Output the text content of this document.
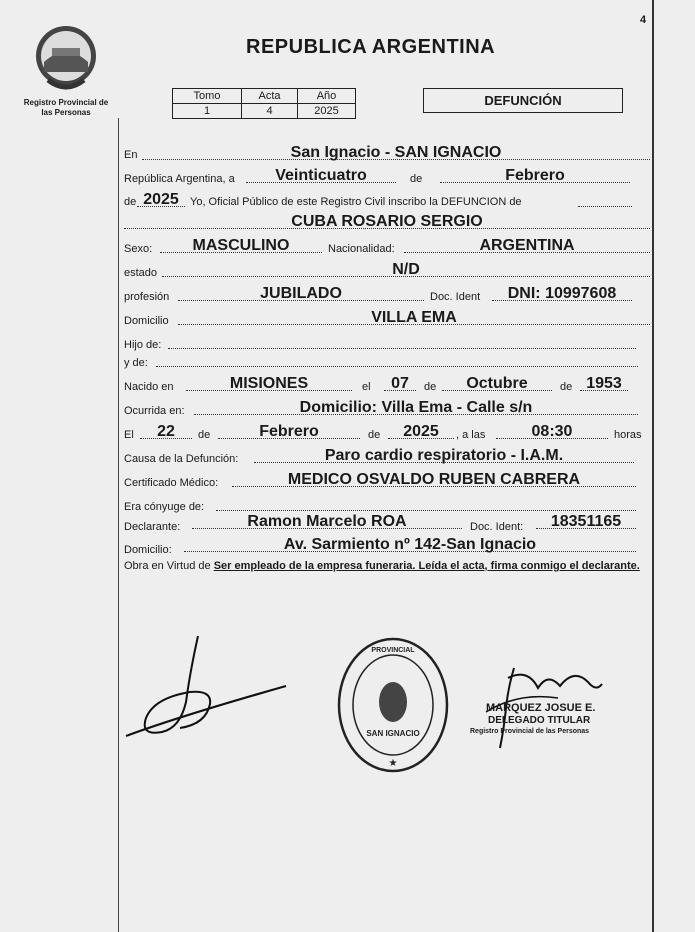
4
Registro Provincial de
las Personas
REPUBLICA ARGENTINA
Tomo	Acta	Año
1	4	2025
DEFUNCIÓN
En	San Ignacio - SAN IGNACIO
República Argentina, a	Veinticuatro	de	Febrero
de 2025	Yo, Oficial Público de este Registro Civil inscribo la DEFUNCION de
CUBA ROSARIO SERGIO
Sexo:	MASCULINO	Nacionalidad:	ARGENTINA
estado	N/D
profesión	JUBILADO	Doc. Ident	DNI: 10997608
Domicilio	VILLA EMA
Hijo de:
y de:
Nacido en	MISIONES	el	07	de	Octubre	de 1953
Ocurrida en:	Domicilio: Villa Ema - Calle s/n
El	22	de	Febrero	de	2025	, a las	08:30	horas
Causa de la Defunción:	Paro cardio respiratorio - I.A.M.
Certificado Médico:	MEDICO OSVALDO RUBEN CABRERA
Era cónyuge de:
Declarante:	Ramon Marcelo ROA	Doc. Ident:	18351165
Domicilio:	Av. Sarmiento nº 142-San Ignacio
Obra en Virtud de Ser empleado de la empresa funeraria. Leída el acta, firma conmigo el declarante.
PROVINCIAL
SAN IGNACIO
★
MARQUEZ JOSUE E.
DELEGADO TITULAR
Registro Provincial de las Personas
